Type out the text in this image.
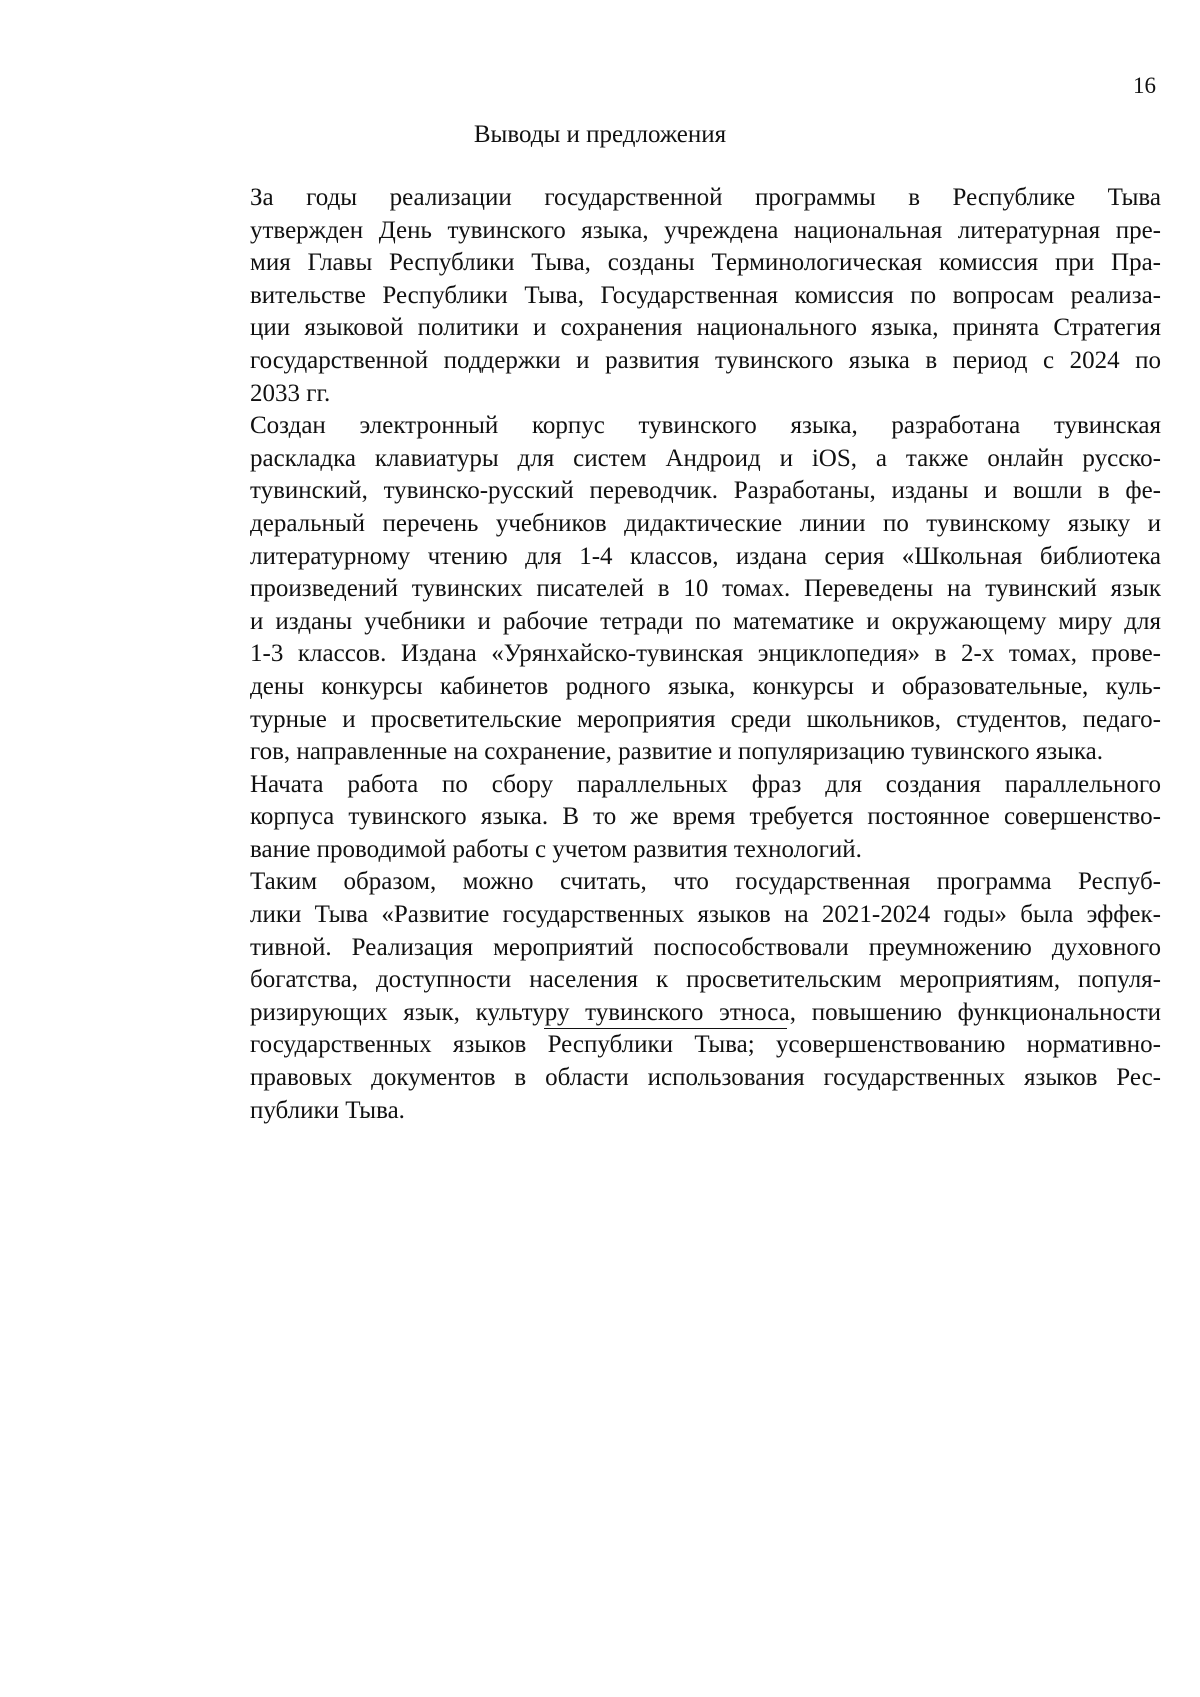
16
Выводы и предложения

За годы реализации государственной программы в Республике Тыва
утвержден День тувинского языка, учреждена национальная литературная пре-
мия Главы Республики Тыва, созданы Терминологическая комиссия при Пра-
вительстве Республики Тыва, Государственная комиссия по вопросам реализа-
ции языковой политики и сохранения национального языка, принята Стратегия
государственной поддержки и развития тувинского языка в период с 2024 по
2033 гг.

Создан электронный корпус тувинского языка, разработана тувинская
раскладка клавиатуры для систем Андроид и iOS, а также онлайн русско-
тувинский, тувинско-русский переводчик. Разработаны, изданы и вошли в фе-
деральный перечень учебников дидактические линии по тувинскому языку и
литературному чтению для 1-4 классов, издана серия «Школьная библиотека
произведений тувинских писателей в 10 томах. Переведены на тувинский язык
и изданы учебники и рабочие тетради по математике и окружающему миру для
1-3 классов. Издана «Урянхайско-тувинская энциклопедия» в 2-х томах, прове-
дены конкурсы кабинетов родного языка, конкурсы и образовательные, куль-
турные и просветительские мероприятия среди школьников, студентов, педаго-
гов, направленные на сохранение, развитие и популяризацию тувинского языка.

Начата работа по сбору параллельных фраз для создания параллельного
корпуса тувинского языка. В то же время требуется постоянное совершенство-
вание проводимой работы с учетом развития технологий.

Таким образом, можно считать, что государственная программа Респуб-
лики Тыва «Развитие государственных языков на 2021-2024 годы» была эффек-
тивной. Реализация мероприятий поспособствовали преумножению духовного
богатства, доступности населения к просветительским мероприятиям, популя-
ризирующих язык, культуру тувинского этноса, повышению функциональности
государственных языков Республики Тыва; усовершенствованию нормативно-
правовых документов в области использования государственных языков Рес-
публики Тыва.
